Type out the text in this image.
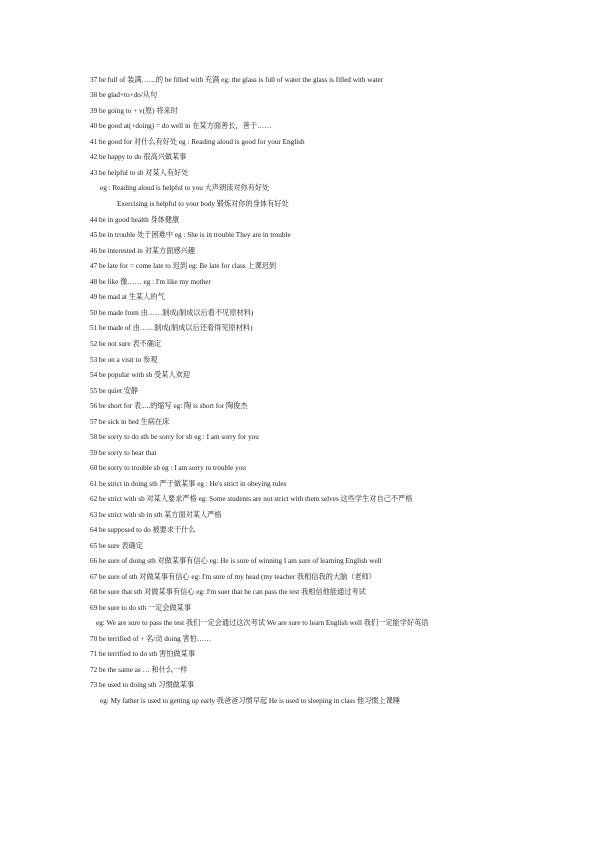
37 be full of 装满……的 be filled with 充满 eg: the glass is full of water the glass is filled with water
38 be glad+to+do/从句
39 be going to + v(原) 将来时
40 be good at(+doing) = do well in 在某方面善长，善于……
41 be good for 对什么有好处 eg : Reading aloud is good for your English
42 be happy to do 很高兴做某事
43 be helpful to sb 对某人有好处
eg : Reading aloud is helpful to you 大声朗读对你有好处
Exercising is helpful to your body 锻炼对你的身体有好处
44 be in good health 身体健康
45 be in trouble 处于困难中 eg : She is in trouble They are in trouble
46 be interested in 对某方面感兴趣
47 be late for = come late to 迟到 eg: Be late for class 上课迟到
48 be like 像…… eg : I'm like my mother
49 be mad at 生某人的气
50 be made from 由……制成(制成以后看不见原材料)
51 be made of 由……制成(制成以后还看得见原材料)
52 be not sure 表不确定
53 be on a visit to 参观
54 be popular with sb 受某人欢迎
55 be quiet 安静
56 be short for 表.....的缩写 eg: 陶 is short for 陶俊杰
57 be sick in bed 生病在床
58 be sorry to do sth be sorry for sb eg : I am sorry for you
59 be sorry to hear that
60 be sorry to trouble sb eg : I am sorry to trouble you
61 be strict in doing sth 严于做某事 eg : He's strict in obeying rules
62 be strict with sb 对某人要求严格 eg: Some students are not strict with them selves 这些学生对自己不严格
63 be strict with sb in sth 某方面对某人严格
64 be supposed to do 被要求干什么
65 be sure 表确定
66 be sure of doing sth 对做某事有信心 eg: He is sure of winning I am sure of learning English well
67 be sure of sth 对做某事有信心 eg: I'm sure of my head (my teacher 我相信我的大脑（老师）
68 be sure that sth 对做某事有信心 eg: I'm suer that he can pass the test 我相信他能通过考试
69 be sure to do sth 一定会做某事
eg: We are sure to pass the test 我们一定会通过这次考试 We are sure to learn English well 我们一定能学好英语
70 be terrified of + 名/动 doing 害怕……
71 be terrified to do sth 害怕做某事
72 be the same as … 和什么一样
73 be used to doing sth 习惯做某事
eg: My father is used to getting up early 我爸爸习惯早起 He is used to sleeping in class 他习惯上课睡
